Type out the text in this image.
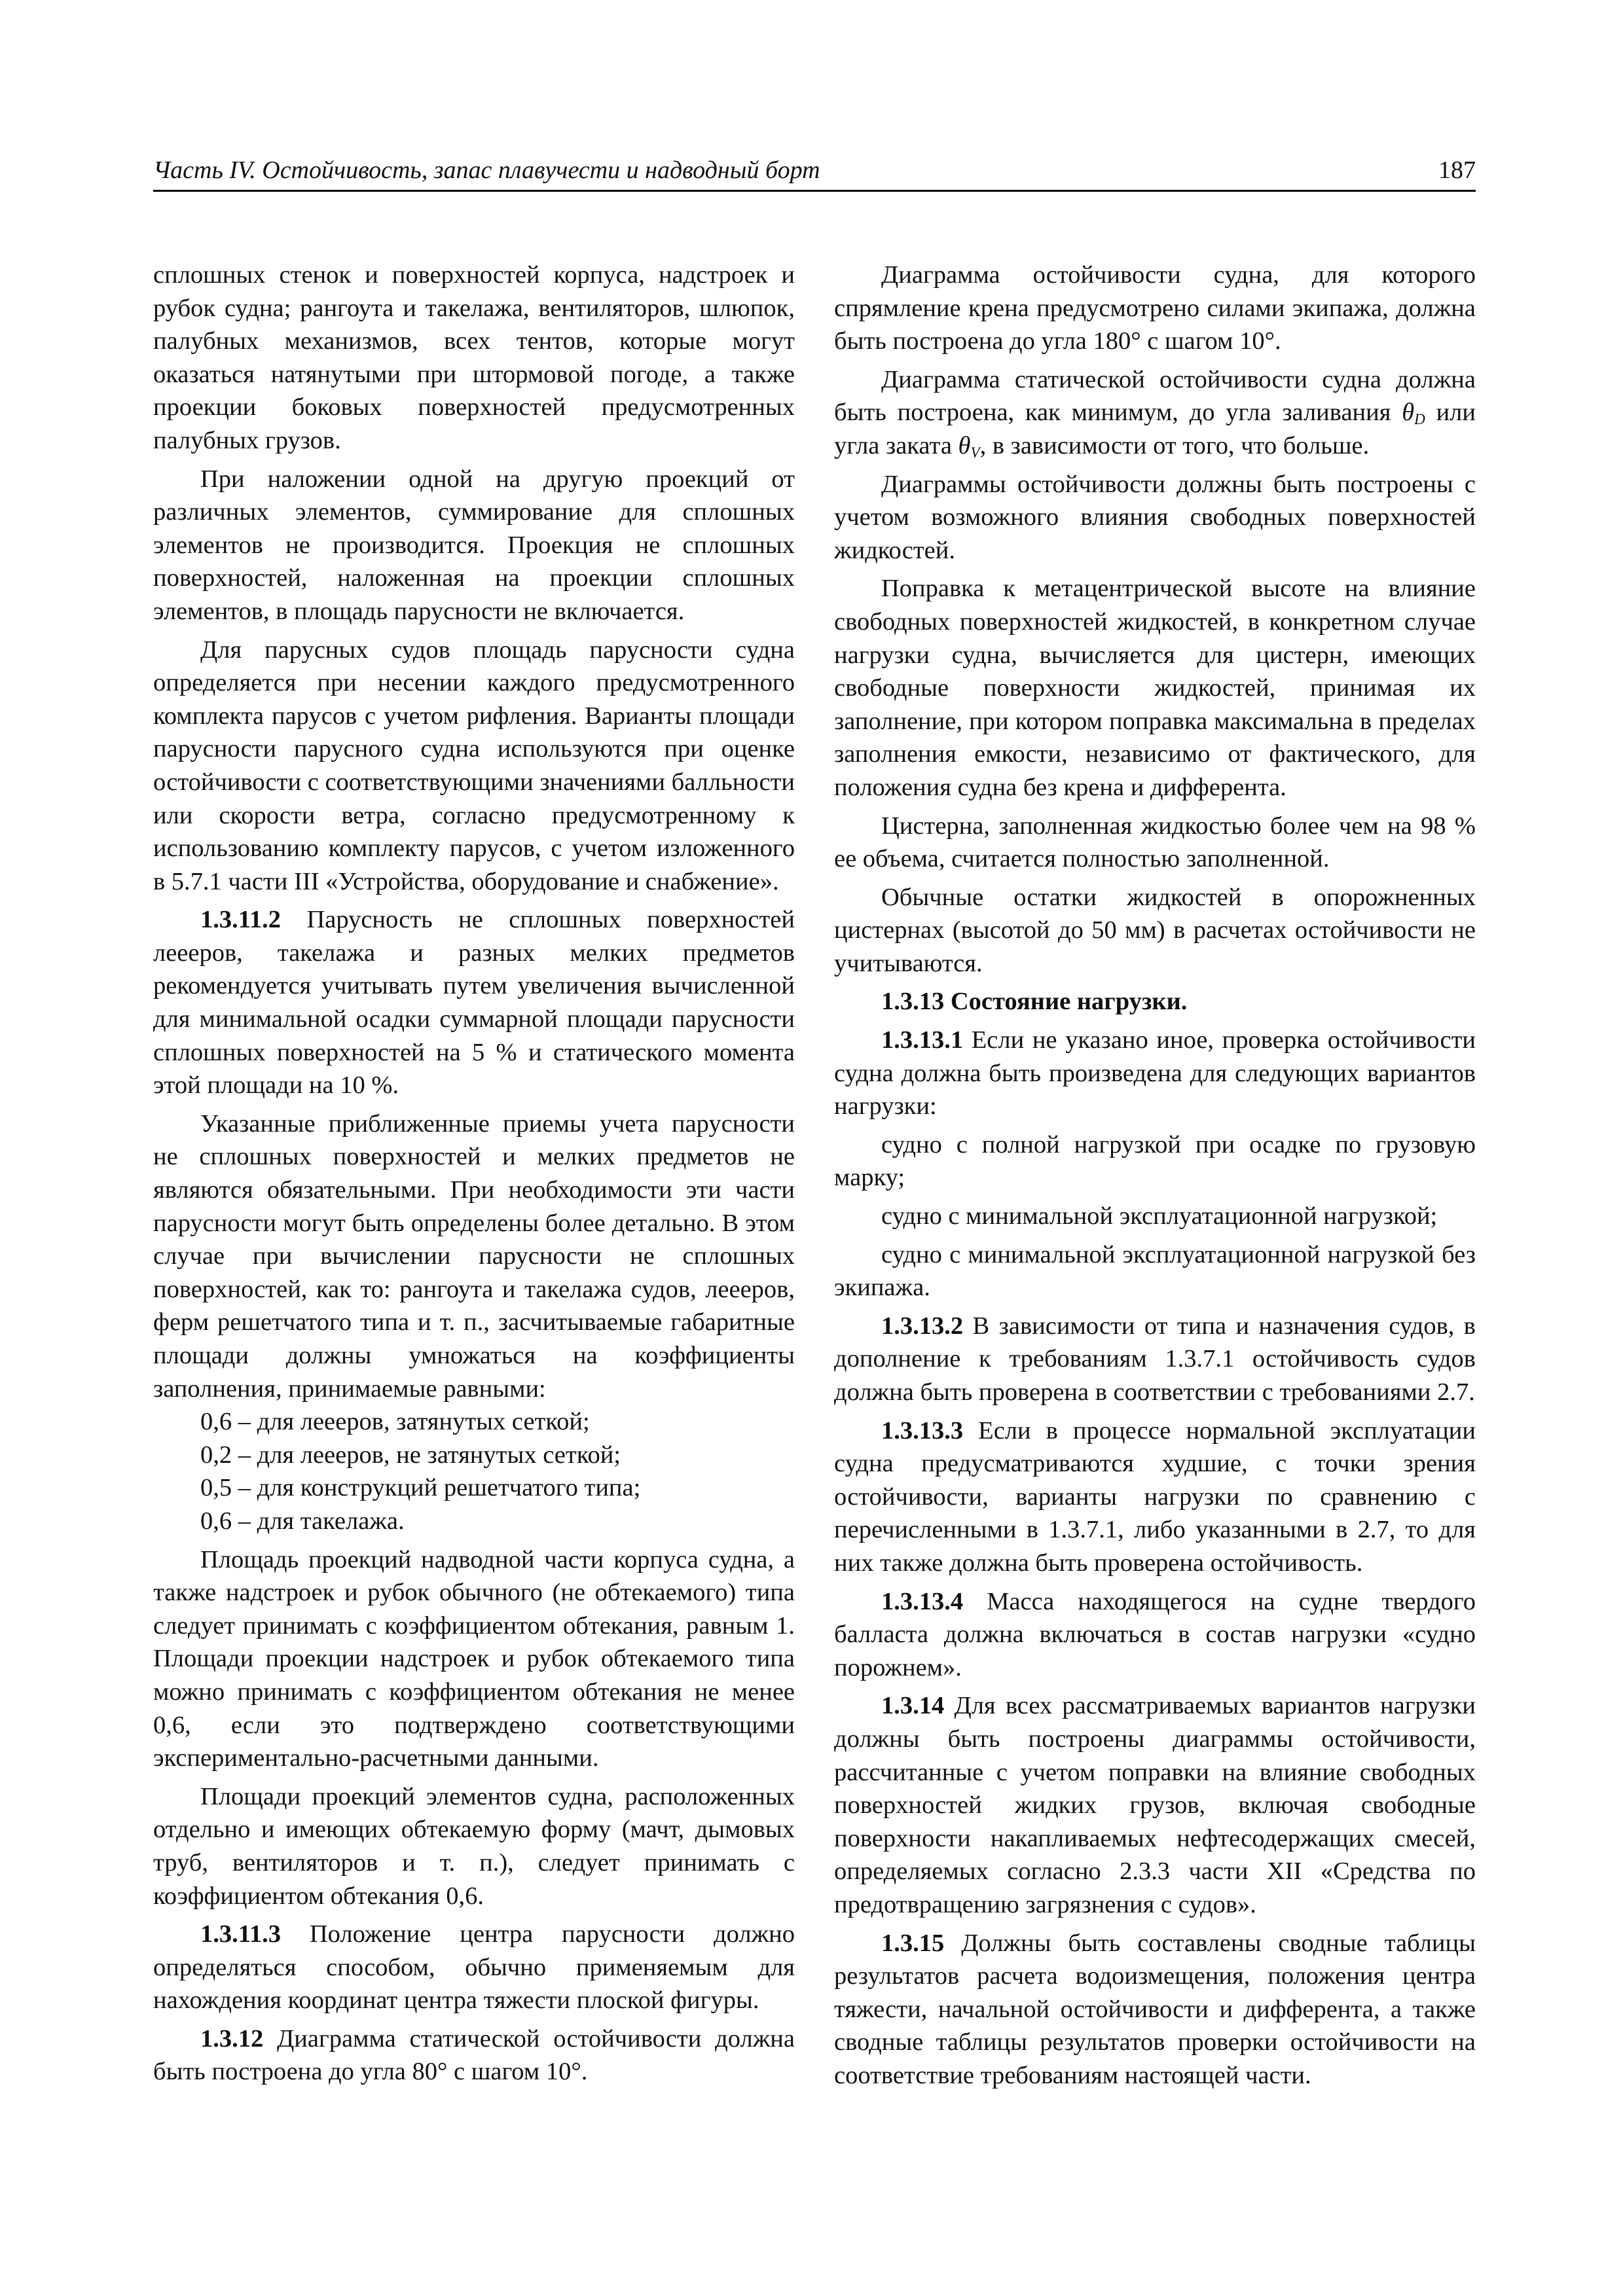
Часть IV. Остойчивость, запас плавучести и надводный борт	187

сплошных стенок и поверхностей корпуса, надстроек и рубок судна; рангоута и такелажа, вентиляторов, шлюпок, палубных механизмов, всех тентов, которые могут оказаться натянутыми при штормовой погоде, а также проекции боковых поверхностей предусмотренных палубных грузов.

При наложении одной на другую проекций от различных элементов, суммирование для сплошных элементов не производится. Проекция не сплошных поверхностей, наложенная на проекции сплошных элементов, в площадь парусности не включается.

Для парусных судов площадь парусности судна определяется при несении каждого предусмотренного комплекта парусов с учетом рифления. Варианты площади парусности парусного судна используются при оценке остойчивости с соответствующими значениями балльности или скорости ветра, согласно предусмотренному к использованию комплекту парусов, с учетом изложенного в 5.7.1 части III «Устройства, оборудование и снабжение».

1.3.11.2 Парусность не сплошных поверхностей леееров, такелажа и разных мелких предметов рекомендуется учитывать путем увеличения вычисленной для минимальной осадки суммарной площади парусности сплошных поверхностей на 5 % и статического момента этой площади на 10 %.

Указанные приближенные приемы учета парусности не сплошных поверхностей и мелких предметов не являются обязательными. При необходимости эти части парусности могут быть определены более детально. В этом случае при вычислении парусности не сплошных поверхностей, как то: рангоута и такелажа судов, леееров, ферм решетчатого типа и т. п., засчитываемые габаритные площади должны умножаться на коэффициенты заполнения, принимаемые равными:

0,6 – для леееров, затянутых сеткой;

0,2 – для леееров, не затянутых сеткой;

0,5 – для конструкций решетчатого типа;

0,6 – для такелажа.

Площадь проекций надводной части корпуса судна, а также надстроек и рубок обычного (не обтекаемого) типа следует принимать с коэффициентом обтекания, равным 1. Площади проекции надстроек и рубок обтекаемого типа можно принимать с коэффициентом обтекания не менее 0,6, если это подтверждено соответствующими экспериментально-расчетными данными.

Площади проекций элементов судна, расположенных отдельно и имеющих обтекаемую форму (мачт, дымовых труб, вентиляторов и т. п.), следует принимать с коэффициентом обтекания 0,6.

1.3.11.3 Положение центра парусности должно определяться способом, обычно применяемым для нахождения координат центра тяжести плоской фигуры.

1.3.12 Диаграмма статической остойчивости должна быть построена до угла 80° с шагом 10°.

Диаграмма остойчивости судна, для которого спрямление крена предусмотрено силами экипажа, должна быть построена до угла 180° с шагом 10°.

Диаграмма статической остойчивости судна должна быть построена, как минимум, до угла заливания $\theta_D$ или угла заката $\theta_V$, в зависимости от того, что больше.

Диаграммы остойчивости должны быть построены с учетом возможного влияния свободных поверхностей жидкостей.

Поправка к метацентрической высоте на влияние свободных поверхностей жидкостей, в конкретном случае нагрузки судна, вычисляется для цистерн, имеющих свободные поверхности жидкостей, принимая их заполнение, при котором поправка максимальна в пределах заполнения емкости, независимо от фактического, для положения судна без крена и дифферента.

Цистерна, заполненная жидкостью более чем на 98 % ее объема, считается полностью заполненной.

Обычные остатки жидкостей в опорожненных цистернах (высотой до 50 мм) в расчетах остойчивости не учитываются.

1.3.13 Состояние нагрузки.

1.3.13.1 Если не указано иное, проверка остойчивости судна должна быть произведена для следующих вариантов нагрузки:

судно с полной нагрузкой при осадке по грузовую марку;

судно с минимальной эксплуатационной нагрузкой;

судно с минимальной эксплуатационной нагрузкой без экипажа.

1.3.13.2 В зависимости от типа и назначения судов, в дополнение к требованиям 1.3.7.1 остойчивость судов должна быть проверена в соответствии с требованиями 2.7.

1.3.13.3 Если в процессе нормальной эксплуатации судна предусматриваются худшие, с точки зрения остойчивости, варианты нагрузки по сравнению с перечисленными в 1.3.7.1, либо указанными в 2.7, то для них также должна быть проверена остойчивость.

1.3.13.4 Масса находящегося на судне твердого балласта должна включаться в состав нагрузки «судно порожнем».

1.3.14 Для всех рассматриваемых вариантов нагрузки должны быть построены диаграммы остойчивости, рассчитанные с учетом поправки на влияние свободных поверхностей жидких грузов, включая свободные поверхности накапливаемых нефтесодержащих смесей, определяемых согласно 2.3.3 части XII «Средства по предотвращению загрязнения с судов».

1.3.15 Должны быть составлены сводные таблицы результатов расчета водоизмещения, положения центра тяжести, начальной остойчивости и дифферента, а также сводные таблицы результатов проверки остойчивости на соответствие требованиям настоящей части.
